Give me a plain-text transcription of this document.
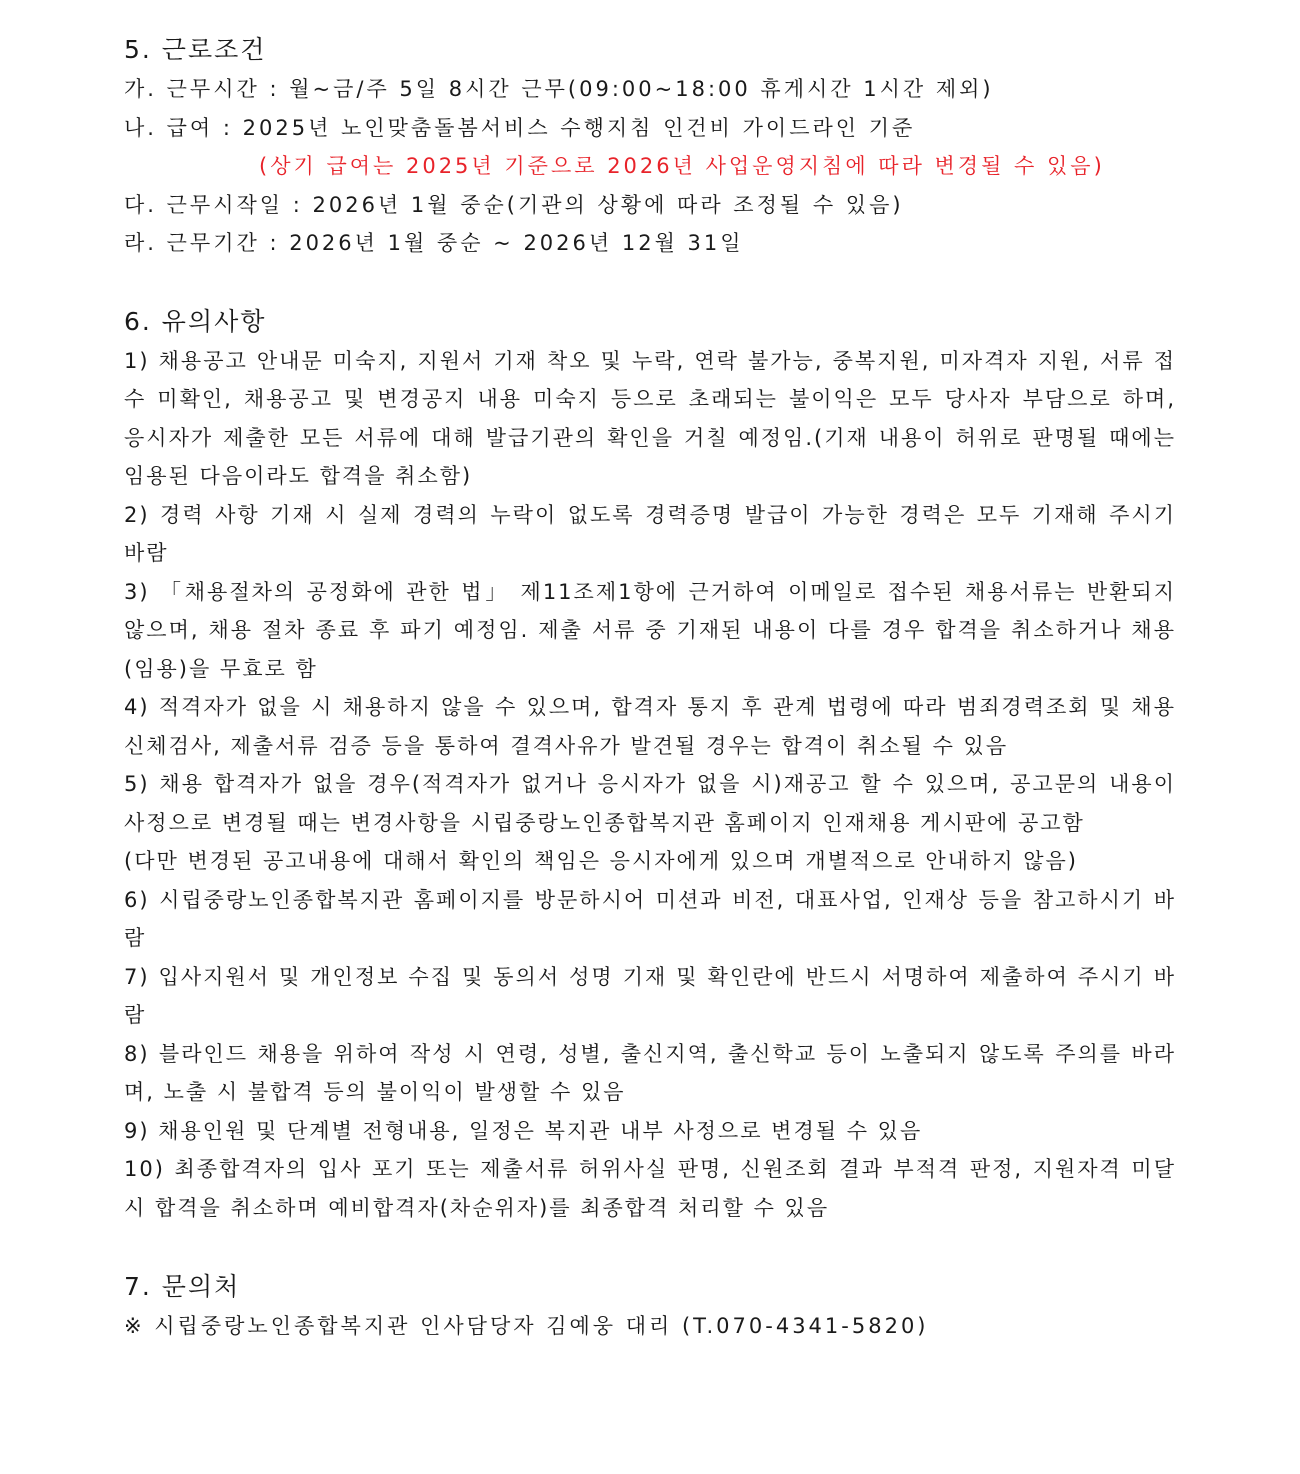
5. 근로조건

가. 근무시간 : 월~금/주 5일 8시간 근무(09:00~18:00 휴게시간 1시간 제외)

나. 급여 : 2025년 노인맞춤돌봄서비스 수행지침 인건비 가이드라인 기준

(상기 급여는 2025년 기준으로 2026년 사업운영지침에 따라 변경될 수 있음)

다. 근무시작일 : 2026년 1월 중순(기관의 상황에 따라 조정될 수 있음)

라. 근무기간 : 2026년 1월 중순 ~ 2026년 12월 31일

6. 유의사항

1) 채용공고 안내문 미숙지, 지원서 기재 착오 및 누락, 연락 불가능, 중복지원, 미자격자 지원, 서류 접수 미확인, 채용공고 및 변경공지 내용 미숙지 등으로 초래되는 불이익은 모두 당사자 부담으로 하며, 응시자가 제출한 모든 서류에 대해 발급기관의 확인을 거칠 예정임.(기재 내용이 허위로 판명될 때에는 임용된 다음이라도 합격을 취소함)

2) 경력 사항 기재 시 실제 경력의 누락이 없도록 경력증명 발급이 가능한 경력은 모두 기재해 주시기 바람

3) 「채용절차의 공정화에 관한 법」 제11조제1항에 근거하여 이메일로 접수된 채용서류는 반환되지 않으며, 채용 절차 종료 후 파기 예정임. 제출 서류 중 기재된 내용이 다를 경우 합격을 취소하거나 채용(임용)을 무효로 함

4) 적격자가 없을 시 채용하지 않을 수 있으며, 합격자 통지 후 관계 법령에 따라 범죄경력조회 및 채용신체검사, 제출서류 검증 등을 통하여 결격사유가 발견될 경우는 합격이 취소될 수 있음

5) 채용 합격자가 없을 경우(적격자가 없거나 응시자가 없을 시)재공고 할 수 있으며, 공고문의 내용이 사정으로 변경될 때는 변경사항을 시립중랑노인종합복지관 홈페이지 인재채용 게시판에 공고함

(다만 변경된 공고내용에 대해서 확인의 책임은 응시자에게 있으며 개별적으로 안내하지 않음)

6) 시립중랑노인종합복지관 홈페이지를 방문하시어 미션과 비전, 대표사업, 인재상 등을 참고하시기 바람

7) 입사지원서 및 개인정보 수집 및 동의서 성명 기재 및 확인란에 반드시 서명하여 제출하여 주시기 바람

8) 블라인드 채용을 위하여 작성 시 연령, 성별, 출신지역, 출신학교 등이 노출되지 않도록 주의를 바라며, 노출 시 불합격 등의 불이익이 발생할 수 있음

9) 채용인원 및 단계별 전형내용, 일정은 복지관 내부 사정으로 변경될 수 있음

10) 최종합격자의 입사 포기 또는 제출서류 허위사실 판명, 신원조회 결과 부적격 판정, 지원자격 미달 시 합격을 취소하며 예비합격자(차순위자)를 최종합격 처리할 수 있음

7. 문의처

※ 시립중랑노인종합복지관 인사담당자 김예웅 대리 (T.070-4341-5820)
